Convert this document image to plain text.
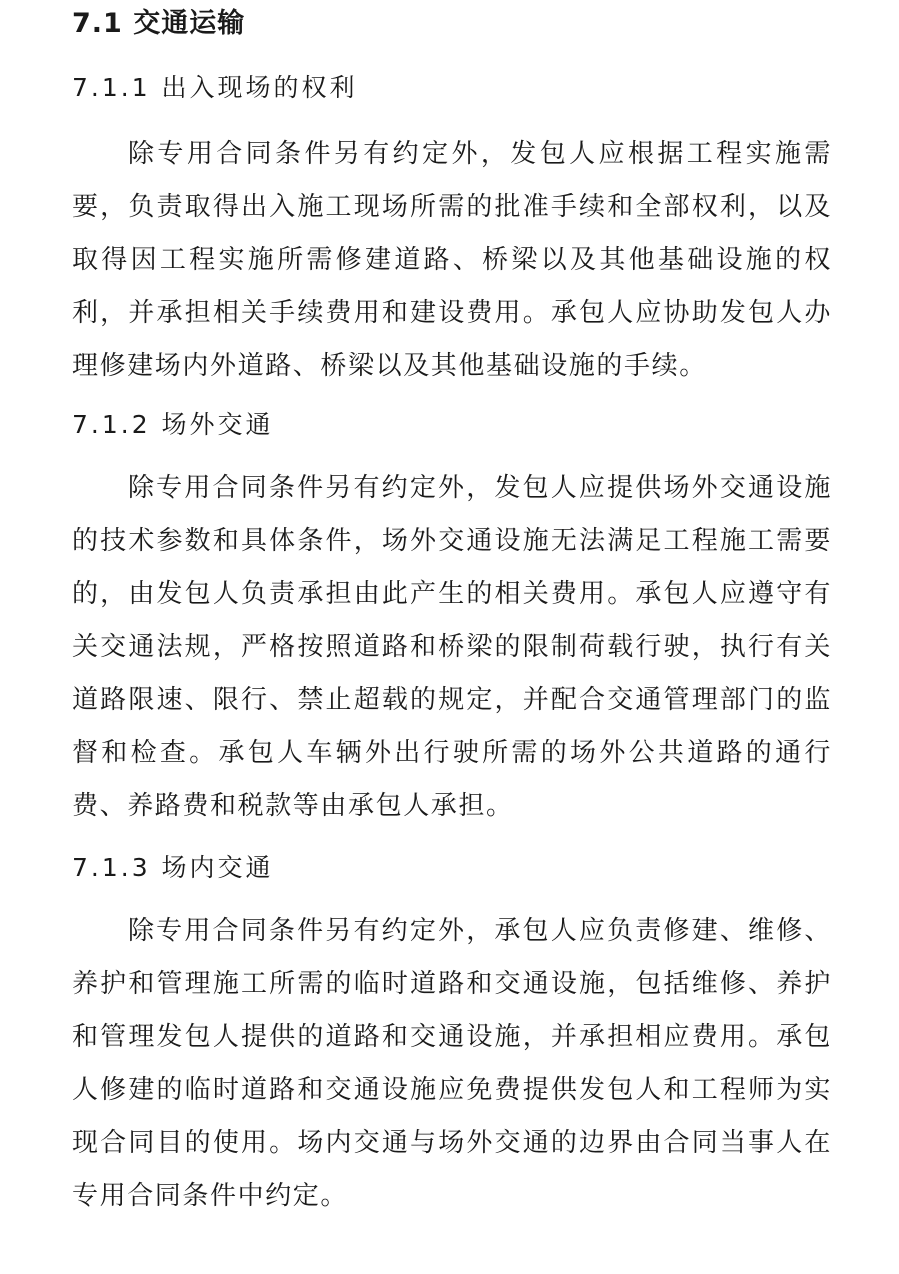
7.1 交通运输
7.1.1 出入现场的权利

除专用合同条件另有约定外，发包人应根据工程实施需要，负责取得出入施工现场所需的批准手续和全部权利，以及取得因工程实施所需修建道路、桥梁以及其他基础设施的权利，并承担相关手续费用和建设费用。承包人应协助发包人办理修建场内外道路、桥梁以及其他基础设施的手续。

7.1.2 场外交通

除专用合同条件另有约定外，发包人应提供场外交通设施的技术参数和具体条件，场外交通设施无法满足工程施工需要的，由发包人负责承担由此产生的相关费用。承包人应遵守有关交通法规，严格按照道路和桥梁的限制荷载行驶，执行有关道路限速、限行、禁止超载的规定，并配合交通管理部门的监督和检查。承包人车辆外出行驶所需的场外公共道路的通行费、养路费和税款等由承包人承担。

7.1.3 场内交通

除专用合同条件另有约定外，承包人应负责修建、维修、养护和管理施工所需的临时道路和交通设施，包括维修、养护和管理发包人提供的道路和交通设施，并承担相应费用。承包人修建的临时道路和交通设施应免费提供发包人和工程师为实现合同目的使用。场内交通与场外交通的边界由合同当事人在专用合同条件中约定。
